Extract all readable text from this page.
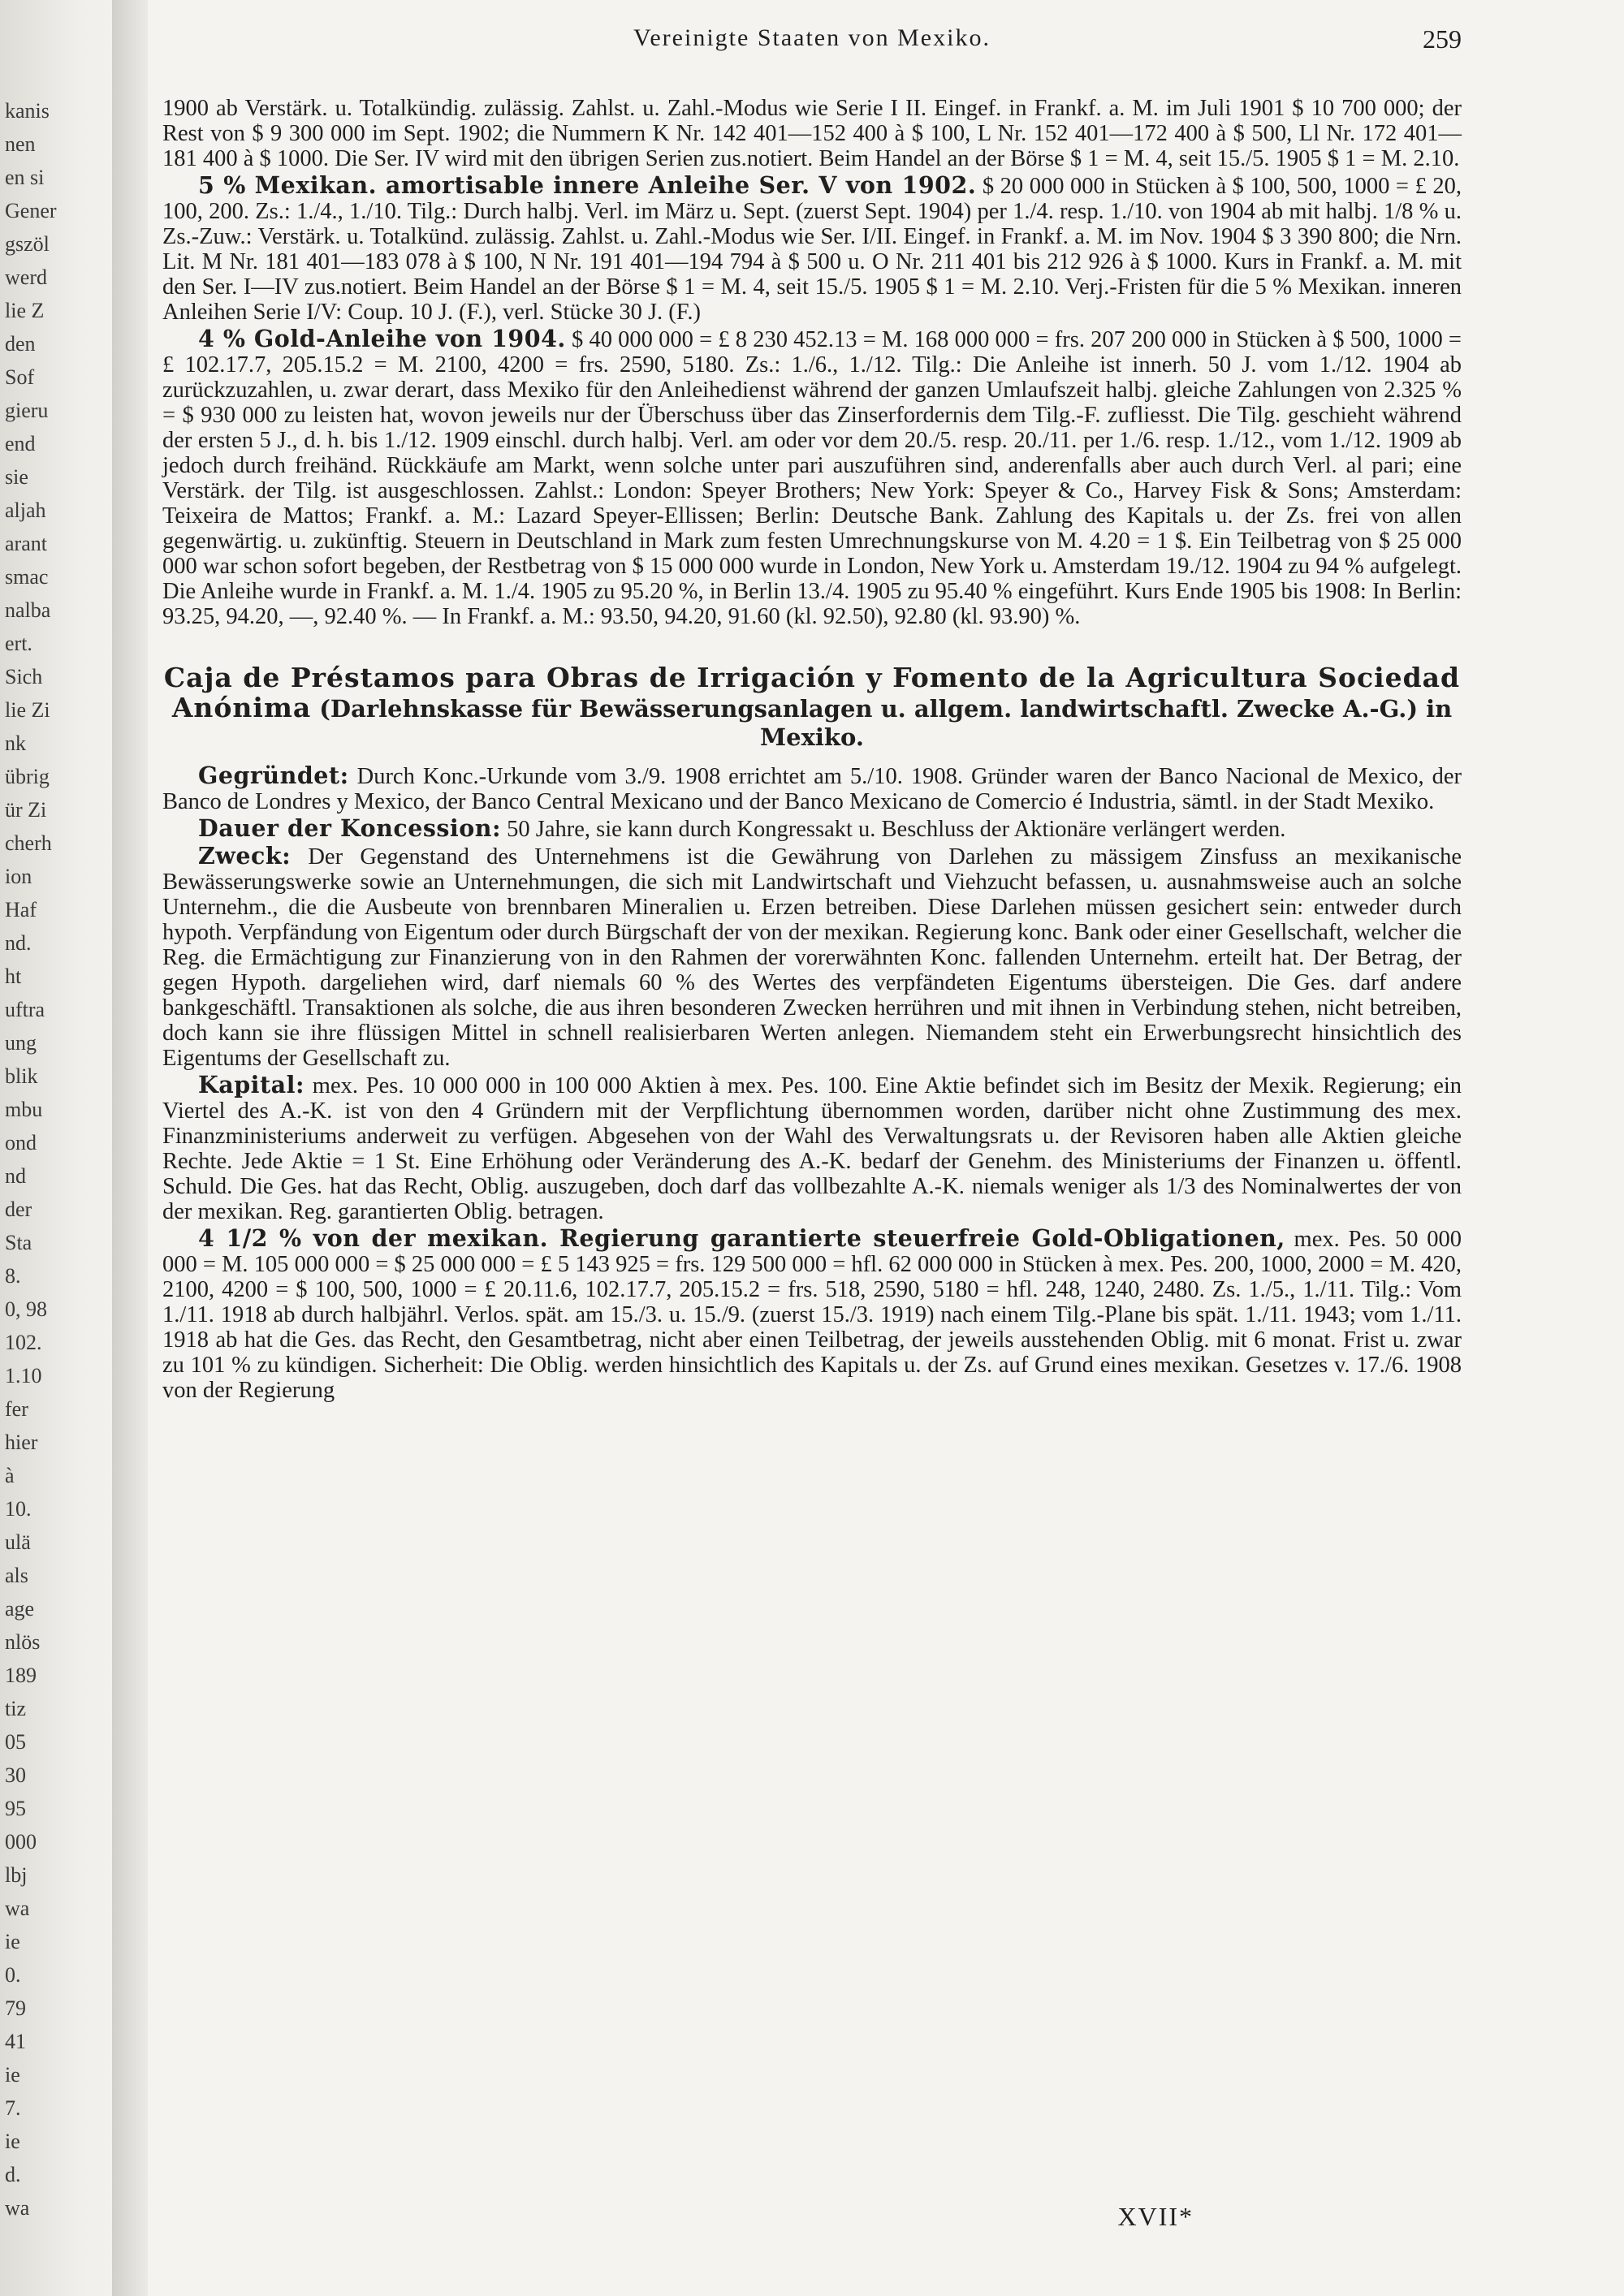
kanis
nen
en si
Gener
gszöl
werd
lie Z
den
Sof
gieru
end
sie
aljah
arant
smac
nalba
ert.
Sich
lie Zi
nk
übrig
ür Zi
cherh
ion
Haf
nd.
ht
uftra
ung
blik
mbu
ond
nd
der
Sta
8.
0, 98
102.
1.10
fer
hier
à
10.
ulä
als
age
nlös
189
tiz
05
30
95
000
lbj
wa
ie
0.
79
41
ie
7.
ie
d.
wa
Vereinigte Staaten von Mexiko.	259

1900 ab Verstärk. u. Totalkündig. zulässig. Zahlst. u. Zahl.-Modus wie Serie I II. Eingef. in Frankf. a. M. im Juli 1901 $ 10 700 000; der Rest von $ 9 300 000 im Sept. 1902; die Nummern K Nr. 142 401—152 400 à $ 100, L Nr. 152 401—172 400 à $ 500, Ll Nr. 172 401—181 400 à $ 1000. Die Ser. IV wird mit den übrigen Serien zus.notiert. Beim Handel an der Börse $ 1 = M. 4, seit 15./5. 1905 $ 1 = M. 2.10.

5 % Mexikan. amortisable innere Anleihe Ser. V von 1902. $ 20 000 000 in Stücken à $ 100, 500, 1000 = £ 20, 100, 200. Zs.: 1./4., 1./10. Tilg.: Durch halbj. Verl. im März u. Sept. (zuerst Sept. 1904) per 1./4. resp. 1./10. von 1904 ab mit halbj. 1/8 % u. Zs.-Zuw.: Verstärk. u. Totalkünd. zulässig. Zahlst. u. Zahl.-Modus wie Ser. I/II. Eingef. in Frankf. a. M. im Nov. 1904 $ 3 390 800; die Nrn. Lit. M Nr. 181 401—183 078 à $ 100, N Nr. 191 401—194 794 à $ 500 u. O Nr. 211 401 bis 212 926 à $ 1000. Kurs in Frankf. a. M. mit den Ser. I—IV zus.notiert. Beim Handel an der Börse $ 1 = M. 4, seit 15./5. 1905 $ 1 = M. 2.10. Verj.-Fristen für die 5 % Mexikan. inneren Anleihen Serie I/V: Coup. 10 J. (F.), verl. Stücke 30 J. (F.)

4 % Gold-Anleihe von 1904. $ 40 000 000 = £ 8 230 452.13 = M. 168 000 000 = frs. 207 200 000 in Stücken à $ 500, 1000 = £ 102.17.7, 205.15.2 = M. 2100, 4200 = frs. 2590, 5180. Zs.: 1./6., 1./12. Tilg.: Die Anleihe ist innerh. 50 J. vom 1./12. 1904 ab zurückzuzahlen, u. zwar derart, dass Mexiko für den Anleihedienst während der ganzen Umlaufszeit halbj. gleiche Zahlungen von 2.325 % = $ 930 000 zu leisten hat, wovon jeweils nur der Überschuss über das Zinserfordernis dem Tilg.-F. zufliesst. Die Tilg. geschieht während der ersten 5 J., d. h. bis 1./12. 1909 einschl. durch halbj. Verl. am oder vor dem 20./5. resp. 20./11. per 1./6. resp. 1./12., vom 1./12. 1909 ab jedoch durch freihänd. Rückkäufe am Markt, wenn solche unter pari auszuführen sind, anderenfalls aber auch durch Verl. al pari; eine Verstärk. der Tilg. ist ausgeschlossen. Zahlst.: London: Speyer Brothers; New York: Speyer & Co., Harvey Fisk & Sons; Amsterdam: Teixeira de Mattos; Frankf. a. M.: Lazard Speyer-Ellissen; Berlin: Deutsche Bank. Zahlung des Kapitals u. der Zs. frei von allen gegenwärtig. u. zukünftig. Steuern in Deutschland in Mark zum festen Umrechnungskurse von M. 4.20 = 1 $. Ein Teilbetrag von $ 25 000 000 war schon sofort begeben, der Restbetrag von $ 15 000 000 wurde in London, New York u. Amsterdam 19./12. 1904 zu 94 % aufgelegt. Die Anleihe wurde in Frankf. a. M. 1./4. 1905 zu 95.20 %, in Berlin 13./4. 1905 zu 95.40 % eingeführt. Kurs Ende 1905 bis 1908: In Berlin: 93.25, 94.20, —, 92.40 %. — In Frankf. a. M.: 93.50, 94.20, 91.60 (kl. 92.50), 92.80 (kl. 93.90) %.

Caja de Préstamos para Obras de Irrigación y Fomento de la Agricultura Sociedad Anónima (Darlehnskasse für Bewässerungsanlagen u. allgem. landwirtschaftl. Zwecke A.-G.) in Mexiko.

Gegründet: Durch Konc.-Urkunde vom 3./9. 1908 errichtet am 5./10. 1908. Gründer waren der Banco Nacional de Mexico, der Banco de Londres y Mexico, der Banco Central Mexicano und der Banco Mexicano de Comercio é Industria, sämtl. in der Stadt Mexiko.

Dauer der Koncession: 50 Jahre, sie kann durch Kongressakt u. Beschluss der Aktionäre verlängert werden.

Zweck: Der Gegenstand des Unternehmens ist die Gewährung von Darlehen zu mässigem Zinsfuss an mexikanische Bewässerungswerke sowie an Unternehmungen, die sich mit Landwirtschaft und Viehzucht befassen, u. ausnahmsweise auch an solche Unternehm., die die Ausbeute von brennbaren Mineralien u. Erzen betreiben. Diese Darlehen müssen gesichert sein: entweder durch hypoth. Verpfändung von Eigentum oder durch Bürgschaft der von der mexikan. Regierung konc. Bank oder einer Gesellschaft, welcher die Reg. die Ermächtigung zur Finanzierung von in den Rahmen der vorerwähnten Konc. fallenden Unternehm. erteilt hat. Der Betrag, der gegen Hypoth. dargeliehen wird, darf niemals 60 % des Wertes des verpfändeten Eigentums übersteigen. Die Ges. darf andere bankgeschäftl. Transaktionen als solche, die aus ihren besonderen Zwecken herrühren und mit ihnen in Verbindung stehen, nicht betreiben, doch kann sie ihre flüssigen Mittel in schnell realisierbaren Werten anlegen. Niemandem steht ein Erwerbungsrecht hinsichtlich des Eigentums der Gesellschaft zu.

Kapital: mex. Pes. 10 000 000 in 100 000 Aktien à mex. Pes. 100. Eine Aktie befindet sich im Besitz der Mexik. Regierung; ein Viertel des A.-K. ist von den 4 Gründern mit der Verpflichtung übernommen worden, darüber nicht ohne Zustimmung des mex. Finanzministeriums anderweit zu verfügen. Abgesehen von der Wahl des Verwaltungsrats u. der Revisoren haben alle Aktien gleiche Rechte. Jede Aktie = 1 St. Eine Erhöhung oder Veränderung des A.-K. bedarf der Genehm. des Ministeriums der Finanzen u. öffentl. Schuld. Die Ges. hat das Recht, Oblig. auszugeben, doch darf das vollbezahlte A.-K. niemals weniger als 1/3 des Nominalwertes der von der mexikan. Reg. garantierten Oblig. betragen.

4 1/2 % von der mexikan. Regierung garantierte steuerfreie Gold-Obligationen, mex. Pes. 50 000 000 = M. 105 000 000 = $ 25 000 000 = £ 5 143 925 = frs. 129 500 000 = hfl. 62 000 000 in Stücken à mex. Pes. 200, 1000, 2000 = M. 420, 2100, 4200 = $ 100, 500, 1000 = £ 20.11.6, 102.17.7, 205.15.2 = frs. 518, 2590, 5180 = hfl. 248, 1240, 2480. Zs. 1./5., 1./11. Tilg.: Vom 1./11. 1918 ab durch halbjährl. Verlos. spät. am 15./3. u. 15./9. (zuerst 15./3. 1919) nach einem Tilg.-Plane bis spät. 1./11. 1943; vom 1./11. 1918 ab hat die Ges. das Recht, den Gesamtbetrag, nicht aber einen Teilbetrag, der jeweils ausstehenden Oblig. mit 6 monat. Frist u. zwar zu 101 % zu kündigen. Sicherheit: Die Oblig. werden hinsichtlich des Kapitals u. der Zs. auf Grund eines mexikan. Gesetzes v. 17./6. 1908 von der Regierung

XVII*
